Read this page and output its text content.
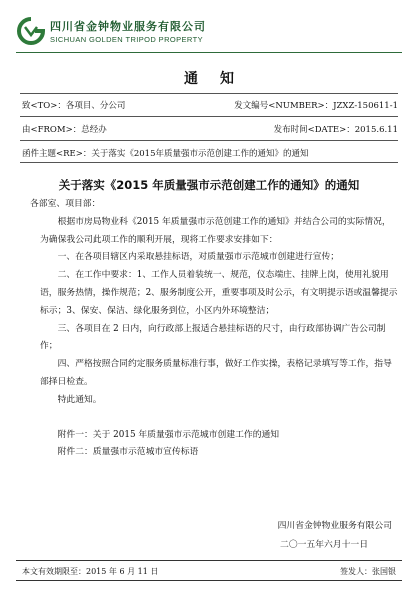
四川省金钟物业服务有限公司
SICHUAN GOLDEN TRIPOD PROPERTY
通知
致<TO>：各项目、分公司	发文编号<NUMBER>：JZXZ-150611-1
由<FROM>：总经办	发布时间<DATE>：2015.6.11
函件主题<RE>：关于落实《2015年质量强市示范创建工作的通知》的通知
关于落实《2015 年质量强市示范创建工作的通知》的通知

各部室、项目部：

根据市房局物业科《2015 年质量强市示范创建工作的通知》并结合公司的实际情况，为确保我公司此项工作的顺利开展，现将工作要求安排如下：

一、在各项目辖区内采取悬挂标语，对质量强市示范城市创建进行宣传；

二、在工作中要求：1、工作人员着装统一、规范，仪态端庄、挂牌上岗，使用礼貌用语，服务热情，操作规范；2、服务制度公开，重要事项及时公示，有文明提示语或温馨提示标示；3、保安、保洁、绿化服务到位，小区内外环境整洁；

三、各项目在 2 日内，向行政部上报适合悬挂标语的尺寸，由行政部协调广告公司制作；

四、严格按照合同约定服务质量标准行事，做好工作实操，表格记录填写等工作，指导部择日检查。

特此通知。

附件一：关于 2015 年质量强市示范城市创建工作的通知

附件二：质量强市示范城市宣传标语

四川省金钟物业服务有限公司
二〇一五年六月十一日
本文有效期限至：2015 年 6 月 11 日	签发人：张国银
